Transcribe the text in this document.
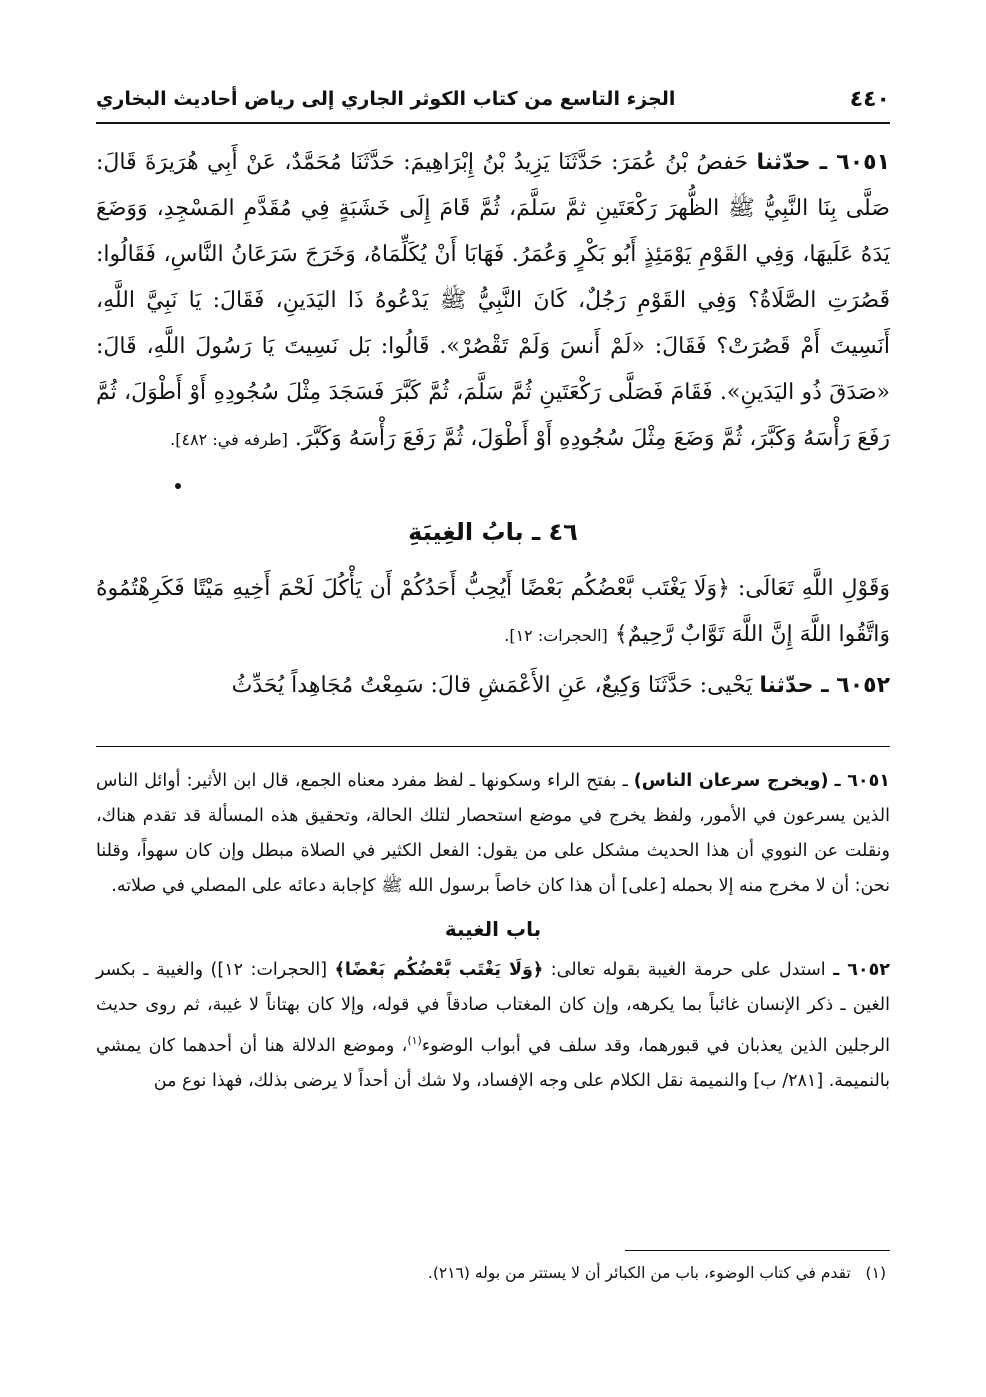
٤٤٠
الجزء التاسع من كتاب الكوثر الجاري إلى رياض أحاديث البخاري

٦٠٥١ ـ حدّثنا حَفصُ بْنُ عُمَرَ: حَدَّثَنَا يَزِيدُ بْنُ إِبْرَاهِيمَ: حَدَّثَنَا مُحَمَّدٌ، عَنْ أَبِي هُرَيرَةَ قَالَ: صَلَّى بِنَا النَّبِيُّ ﷺ الظُّهرَ رَكْعَتَينِ ثمَّ سَلَّمَ، ثُمَّ قَامَ إِلَى خَشَبَةٍ فِي مُقَدَّمِ المَسْجِدِ، وَوَضَعَ يَدَهُ عَلَيهَا، وَفِي القَوْمِ يَوْمَئِذٍ أَبُو بَكْرٍ وَعُمَرُ. فَهَابَا أَنْ يُكَلِّمَاهُ، وَخَرَجَ سَرَعَانُ النَّاسِ، فَقَالُوا: قَصُرَتِ الصَّلَاةُ؟ وَفِي القَوْمِ رَجُلٌ، كَانَ النَّبِيُّ ﷺ يَدْعُوهُ ذَا اليَدَينِ، فَقَالَ: يَا نَبِيَّ اللَّهِ، أَنَسِيتَ أَمْ قَصُرَتْ؟ فَقَالَ: «لَمْ أَنسَ وَلَمْ تَقْصُرْ». قَالُوا: بَل نَسِيتَ يَا رَسُولَ اللَّهِ، قَالَ: «صَدَقَ ذُو اليَدَينِ». فَقَامَ فَصَلَّى رَكْعَتَينِ ثُمَّ سَلَّمَ، ثُمَّ كَبَّرَ فَسَجَدَ مِثْلَ سُجُودِهِ أَوْ أَطْوَلَ، ثُمَّ رَفَعَ رَأْسَهُ وَكَبَّرَ، ثُمَّ وَضَعَ مِثْلَ سُجُودِهِ أَوْ أَطْوَلَ، ثُمَّ رَفَعَ رَأْسَهُ وَكَبَّرَ. [طرفه في: ٤٨٢].

٤٦ ـ بابُ الغِيبَةِ

وَقَوْلِ اللَّهِ تَعَالَى: ﴿وَلَا يَغْتَب بَّعْضُكُم بَعْضًا أَيُحِبُّ أَحَدُكُمْ أَن يَأْكُلَ لَحْمَ أَخِيهِ مَيْتًا فَكَرِهْتُمُوهُ وَاتَّقُوا اللَّهَ إِنَّ اللَّهَ تَوَّابٌ رَّحِيمٌ﴾ [الحجرات: ١٢].

٦٠٥٢ ـ حدّثنا يَحْيى: حَدَّثَنَا وَكِيعٌ، عَنِ الأَعْمَشِ قالَ: سَمِعْتُ مُجَاهِداً يُحَدِّثُ

٦٠٥١ ـ (ويخرج سرعان الناس) ـ بفتح الراء وسكونها ـ لفظ مفرد معناه الجمع، قال ابن الأثير: أوائل الناس الذين يسرعون في الأمور، ولفظ يخرج في موضع استحصار لتلك الحالة، وتحقيق هذه المسألة قد تقدم هناك، ونقلت عن النووي أن هذا الحديث مشكل على من يقول: الفعل الكثير في الصلاة مبطل وإن كان سهواً، وقلنا نحن: أن لا مخرج منه إلا بحمله [على] أن هذا كان خاصاً برسول الله ﷺ كإجابة دعائه على المصلي في صلاته.

باب الغيبة

٦٠٥٢ ـ استدل على حرمة الغيبة بقوله تعالى: ﴿وَلَا يَغْتَب بَّعْضُكُم بَعْضًا﴾ [الحجرات: ١٢]) والغيبة ـ بكسر الغين ـ ذكر الإنسان غائباً بما يكرهه، وإن كان المغتاب صادقاً في قوله، وإلا كان بهتاناً لا غيبة، ثم روى حديث الرجلين الذين يعذبان في قبورهما، وقد سلف في أبواب الوضوء$^{(١)}$، وموضع الدلالة هنا أن أحدهما كان يمشي بالنميمة. [٢٨١/ ب] والنميمة نقل الكلام على وجه الإفساد، ولا شك أن أحداً لا يرضى بذلك، فهذا نوع من

(١)   تقدم في كتاب الوضوء، باب من الكبائر أن لا يستتر من بوله (٢١٦).
